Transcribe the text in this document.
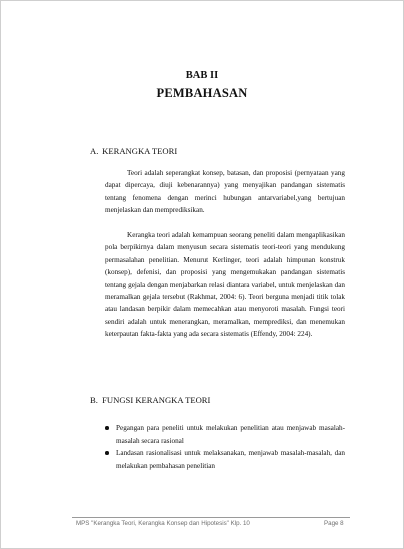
BAB II
PEMBAHASAN
A. KERANGKA TEORI
Teori adalah seperangkat konsep, batasan, dan proposisi (pernyataan yang dapat dipercaya, diuji kebenarannya) yang menyajikan pandangan sistematis tentang fenomena dengan merinci hubungan antarvariabel,yang bertujuan menjelaskan dan memprediksikan.
Kerangka teori adalah kemampuan seorang peneliti dalam mengaplikasikan pola berpikirnya dalam menyusun secara sistematis teori-teori yang mendukung permasalahan penelitian. Menurut Kerlinger, teori adalah himpunan konstruk (konsep), defenisi, dan proposisi yang mengemukakan pandangan sistematis tentang gejala dengan menjabarkan relasi diantara variabel, untuk menjelaskan dan meramalkan gejala tersebut (Rakhmat, 2004: 6). Teori berguna menjadi titik tolak atau landasan berpikir dalam memecahkan atau menyoroti masalah. Fungsi teori sendiri adalah untuk menerangkan, meramalkan, memprediksi, dan menemukan keterpautan fakta-fakta yang ada secara sistematis (Effendy, 2004: 224).
B. FUNGSI KERANGKA TEORI
Pegangan para peneliti untuk melakukan penelitian atau menjawab masalah-masalah secara rasional
Landasan rasionalisasi untuk melaksanakan, menjawab masalah-masalah, dan melakukan pembahasan penelitian
MPS "Kerangka Teori, Kerangka Konsep dan Hipotesis" Klp. 10	Page 8
